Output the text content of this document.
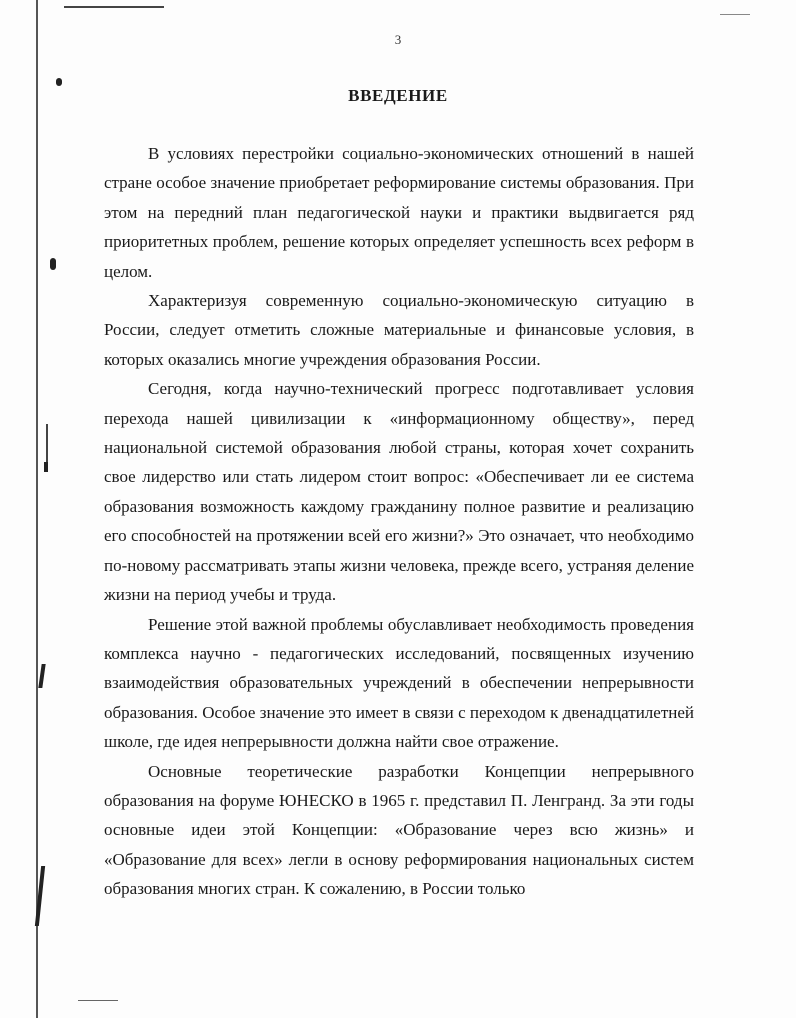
3
ВВЕДЕНИЕ

В условиях перестройки социально-экономических отношений в нашей стране особое значение приобретает реформирование системы образования. При этом на передний план педагогической науки и практики выдвигается ряд приоритетных проблем, решение которых определяет успешность всех реформ в целом.

Характеризуя современную социально-экономическую ситуацию в России, следует отметить сложные материальные и финансовые условия, в которых оказались многие учреждения образования России.

Сегодня, когда научно-технический прогресс подготавливает условия перехода нашей цивилизации к «информационному обществу», перед национальной системой образования любой страны, которая хочет сохранить свое лидерство или стать лидером стоит вопрос: «Обеспечивает ли ее система образования возможность каждому гражданину полное развитие и реализацию его способностей на протяжении всей его жизни?» Это означает, что необходимо по-новому рассматривать этапы жизни человека, прежде всего, устраняя деление жизни на период учебы и труда.

Решение этой важной проблемы обуславливает необходимость проведения комплекса научно - педагогических исследований, посвященных изучению взаимодействия образовательных учреждений в обеспечении непрерывности образования. Особое значение это имеет в связи с переходом к двенадцатилетней школе, где идея непрерывности должна найти свое отражение.

Основные теоретические разработки Концепции непрерывного образования на форуме ЮНЕСКО в 1965 г. представил П. Ленгранд. За эти годы основные идеи этой Концепции: «Образование через всю жизнь» и «Образование для всех» легли в основу реформирования национальных систем образования многих стран. К сожалению, в России только
